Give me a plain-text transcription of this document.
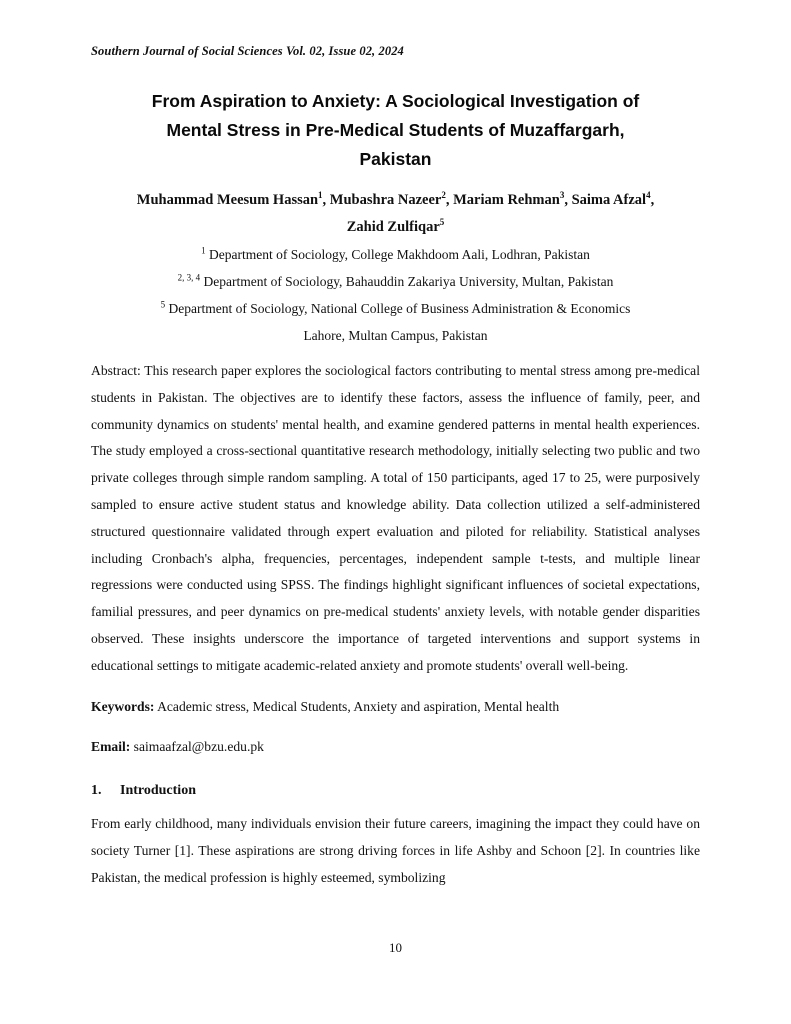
Southern Journal of Social Sciences Vol. 02, Issue 02, 2024
From Aspiration to Anxiety: A Sociological Investigation of
Mental Stress in Pre-Medical Students of Muzaffargarh,
Pakistan
Muhammad Meesum Hassan$^1$, Mubashra Nazeer$^2$, Mariam Rehman$^3$, Saima Afzal$^4$,
Zahid Zulfiqar$^5$
$^1$ Department of Sociology, College Makhdoom Aali, Lodhran, Pakistan
$^{2, 3, 4}$ Department of Sociology, Bahauddin Zakariya University, Multan, Pakistan
$^5$ Department of Sociology, National College of Business Administration & Economics
Lahore, Multan Campus, Pakistan
Abstract: This research paper explores the sociological factors contributing to mental stress among pre-medical students in Pakistan. The objectives are to identify these factors, assess the influence of family, peer, and community dynamics on students' mental health, and examine gendered patterns in mental health experiences. The study employed a cross-sectional quantitative research methodology, initially selecting two public and two private colleges through simple random sampling. A total of 150 participants, aged 17 to 25, were purposively sampled to ensure active student status and knowledge ability. Data collection utilized a self-administered structured questionnaire validated through expert evaluation and piloted for reliability. Statistical analyses including Cronbach's alpha, frequencies, percentages, independent sample t-tests, and multiple linear regressions were conducted using SPSS. The findings highlight significant influences of societal expectations, familial pressures, and peer dynamics on pre-medical students' anxiety levels, with notable gender disparities observed. These insights underscore the importance of targeted interventions and support systems in educational settings to mitigate academic-related anxiety and promote students' overall well-being.
Keywords: Academic stress, Medical Students, Anxiety and aspiration, Mental health
Email: saimaafzal@bzu.edu.pk
1. Introduction
From early childhood, many individuals envision their future careers, imagining the impact they could have on society Turner [1]. These aspirations are strong driving forces in life Ashby and Schoon [2]. In countries like Pakistan, the medical profession is highly esteemed, symbolizing
10
